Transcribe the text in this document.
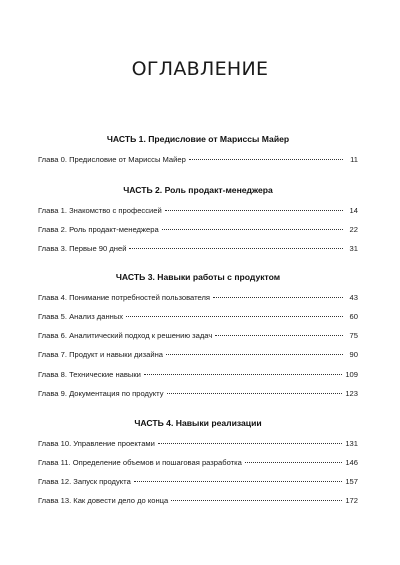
ОГЛАВЛЕНИЕ
ЧАСТЬ 1. Предисловие от Мариссы Майер
Глава 0. Предисловие от Мариссы Майер	11
ЧАСТЬ 2. Роль продакт-менеджера
Глава 1. Знакомство с профессией	14
Глава 2. Роль продакт-менеджера	22
Глава 3. Первые 90 дней	31
ЧАСТЬ 3. Навыки работы с продуктом
Глава 4. Понимание потребностей пользователя	43
Глава 5. Анализ данных	60
Глава 6. Аналитический подход к решению задач	75
Глава 7. Продукт и навыки дизайна	90
Глава 8. Технические навыки	109
Глава 9. Документация по продукту	123
ЧАСТЬ 4. Навыки реализации
Глава 10. Управление проектами	131
Глава 11. Определение объемов и пошаговая разработка	146
Глава 12. Запуск продукта	157
Глава 13. Как довести дело до конца	172
